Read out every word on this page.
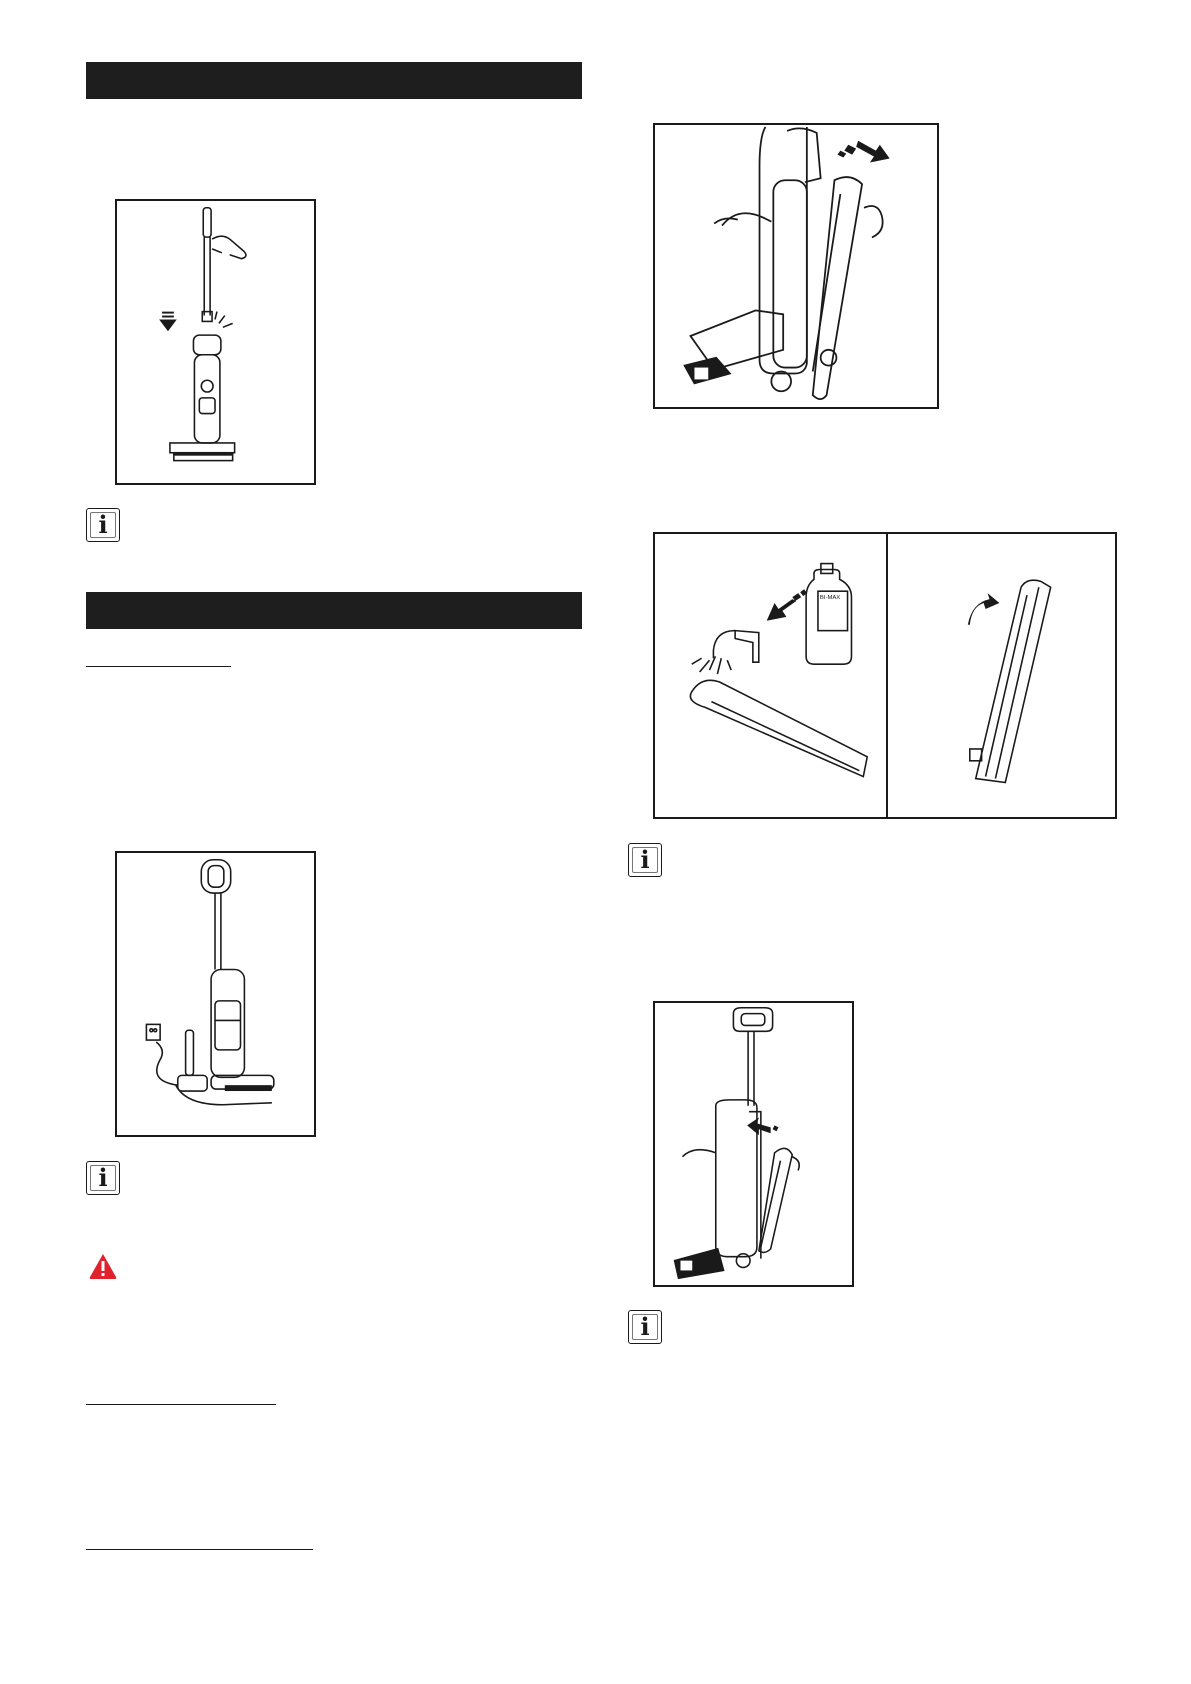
i
i
BI-MAX
i
i
